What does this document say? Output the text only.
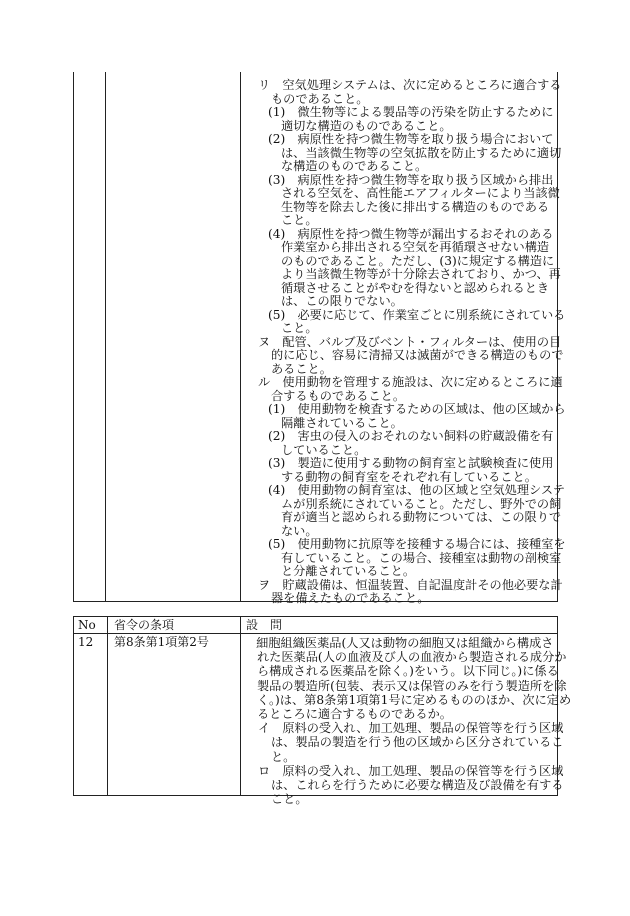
リ　空気処理システムは、次に定めるところに適合する
ものであること。
(1)　微生物等による製品等の汚染を防止するために
適切な構造のものであること。
(2)　病原性を持つ微生物等を取り扱う場合において
は、当該微生物等の空気拡散を防止するために適切
な構造のものであること。
(3)　病原性を持つ微生物等を取り扱う区域から排出
される空気を、高性能エアフィルターにより当該微
生物等を除去した後に排出する構造のものである
こと。
(4)　病原性を持つ微生物等が漏出するおそれのある
作業室から排出される空気を再循環させない構造
のものであること。ただし、(3)に規定する構造に
より当該微生物等が十分除去されており、かつ、再
循環させることがやむを得ないと認められるとき
は、この限りでない。
(5)　必要に応じて、作業室ごとに別系統にされている
こと。
ヌ　配管、バルブ及びベント・フィルターは、使用の目
的に応じ、容易に清掃又は滅菌ができる構造のもので
あること。
ル　使用動物を管理する施設は、次に定めるところに適
合するものであること。
(1)　使用動物を検査するための区域は、他の区域から
隔離されていること。
(2)　害虫の侵入のおそれのない飼料の貯蔵設備を有
していること。
(3)　製造に使用する動物の飼育室と試験検査に使用
する動物の飼育室をそれぞれ有していること。
(4)　使用動物の飼育室は、他の区域と空気処理システ
ムが別系統にされていること。ただし、野外での飼
育が適当と認められる動物については、この限りで
ない。
(5)　使用動物に抗原等を接種する場合には、接種室を
有していること。この場合、接種室は動物の剖検室
と分離されていること。
ヲ　貯蔵設備は、恒温装置、自記温度計その他必要な計
器を備えたものであること。
No 省令の条項	設　問
12 第8条第1項第2号	　細胞組織医薬品(人又は動物の細胞又は組織から構成さ
れた医薬品(人の血液及び人の血液から製造される成分か
ら構成される医薬品を除く。)をいう。以下同じ。)に係る
製品の製造所(包装、表示又は保管のみを行う製造所を除
く。)は、第8条第1項第1号に定めるもののほか、次に定め
るところに適合するものであるか。
イ　原料の受入れ、加工処理、製品の保管等を行う区域
は、製品の製造を行う他の区域から区分されているこ
と。
ロ　原料の受入れ、加工処理、製品の保管等を行う区域
は、これらを行うために必要な構造及び設備を有する
こと。
